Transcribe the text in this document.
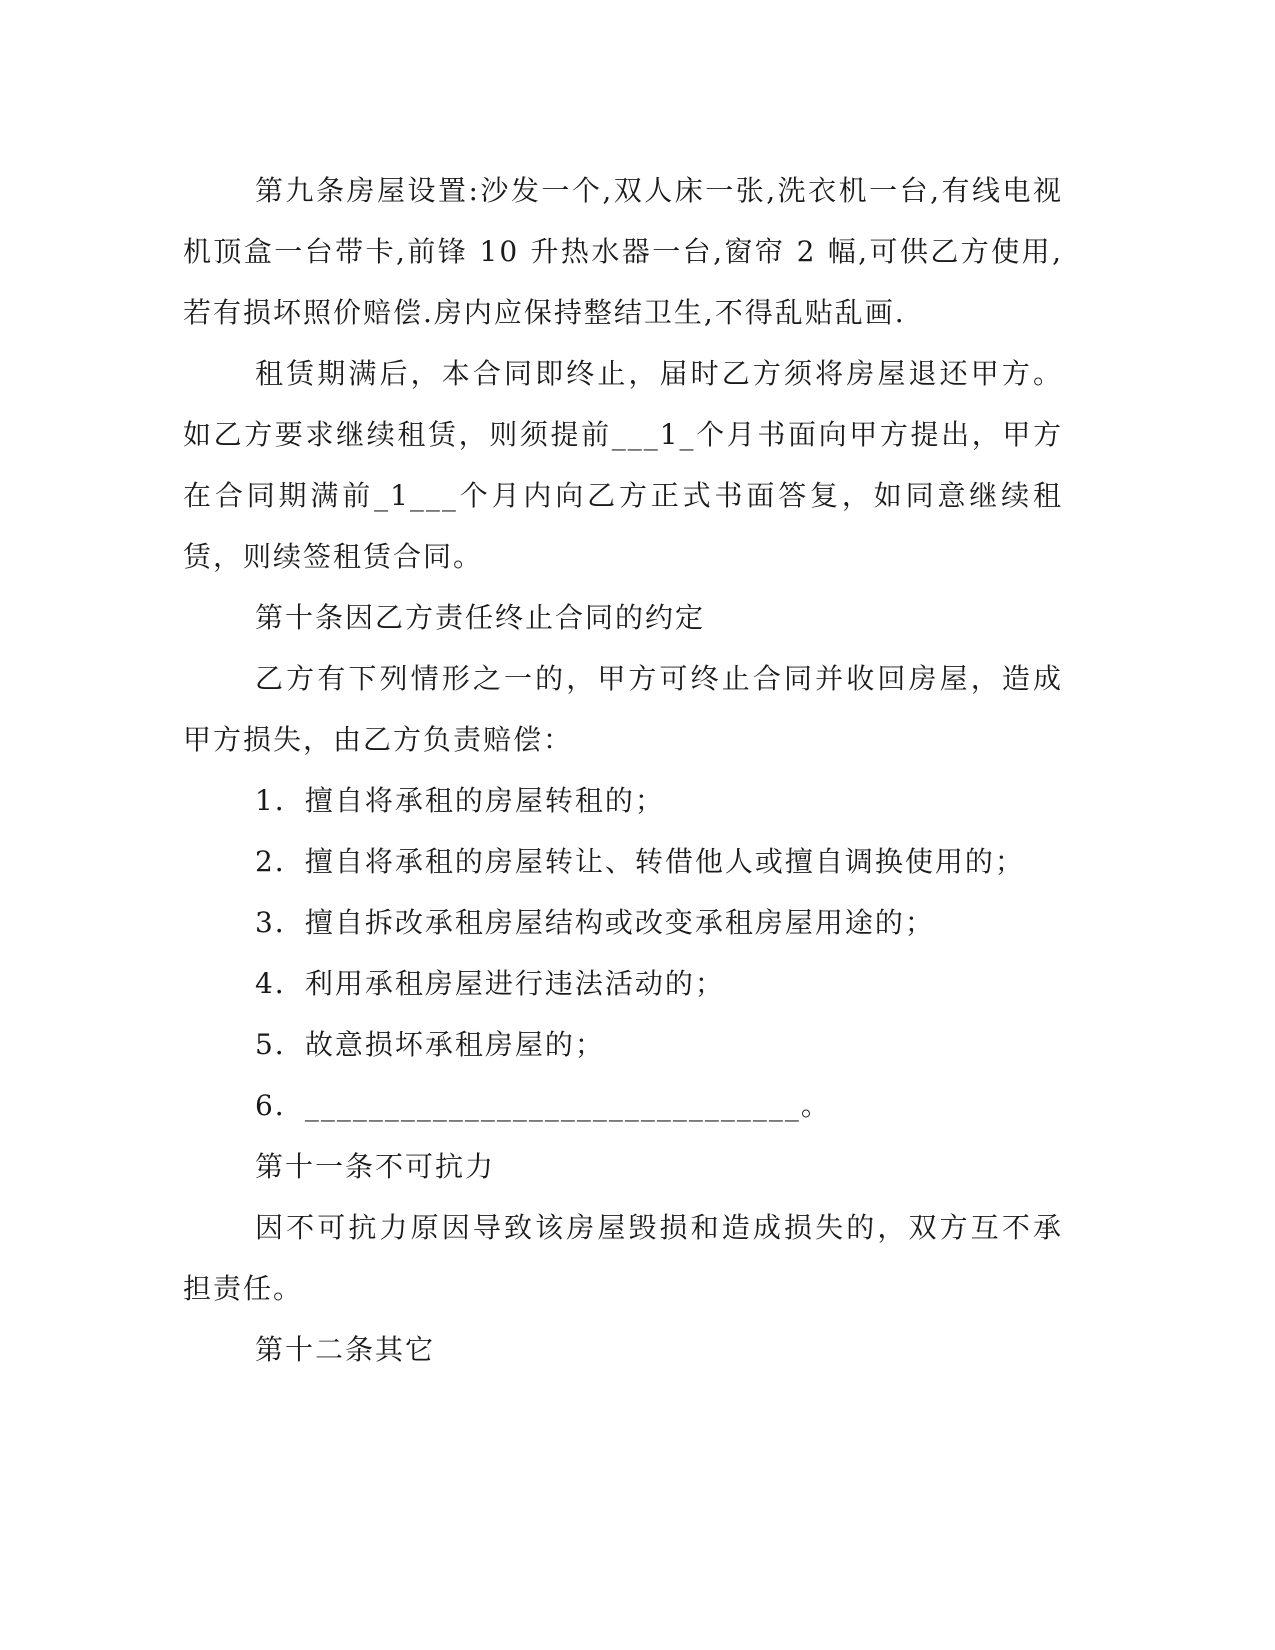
第九条房屋设置:沙发一个,双人床一张,洗衣机一台,有线电视机顶盒一台带卡,前锋 10 升热水器一台,窗帘 2 幅,可供乙方使用,若有损坏照价赔偿.房内应保持整结卫生,不得乱贴乱画.

租赁期满后，本合同即终止，届时乙方须将房屋退还甲方。如乙方要求继续租赁，则须提前___1_个月书面向甲方提出，甲方在合同期满前_1___个月内向乙方正式书面答复，如同意继续租赁，则续签租赁合同。

第十条因乙方责任终止合同的约定

乙方有下列情形之一的，甲方可终止合同并收回房屋，造成甲方损失，由乙方负责赔偿：

1．擅自将承租的房屋转租的；

2．擅自将承租的房屋转让、转借他人或擅自调换使用的；

3．擅自拆改承租房屋结构或改变承租房屋用途的；

4．利用承租房屋进行违法活动的；

5．故意损坏承租房屋的；

6．_______________________________。

第十一条不可抗力

因不可抗力原因导致该房屋毁损和造成损失的，双方互不承担责任。

第十二条其它
